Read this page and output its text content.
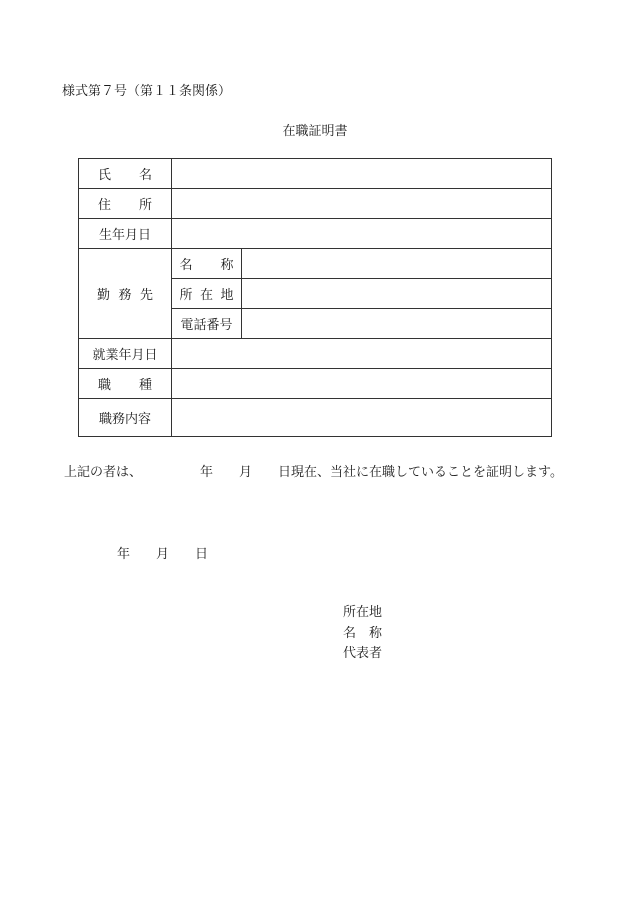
様式第７号（第１１条関係）
在職証明書
氏　名		
住　所		
生年月日		
勤 務 先	名　称	
	所 在 地	
	電話番号	
就業年月日		
職　種		
職務内容		
上記の者は、	年 月 日現在、当社に在職していることを証明します。
年 月 日
所在地
名　称
代表者
